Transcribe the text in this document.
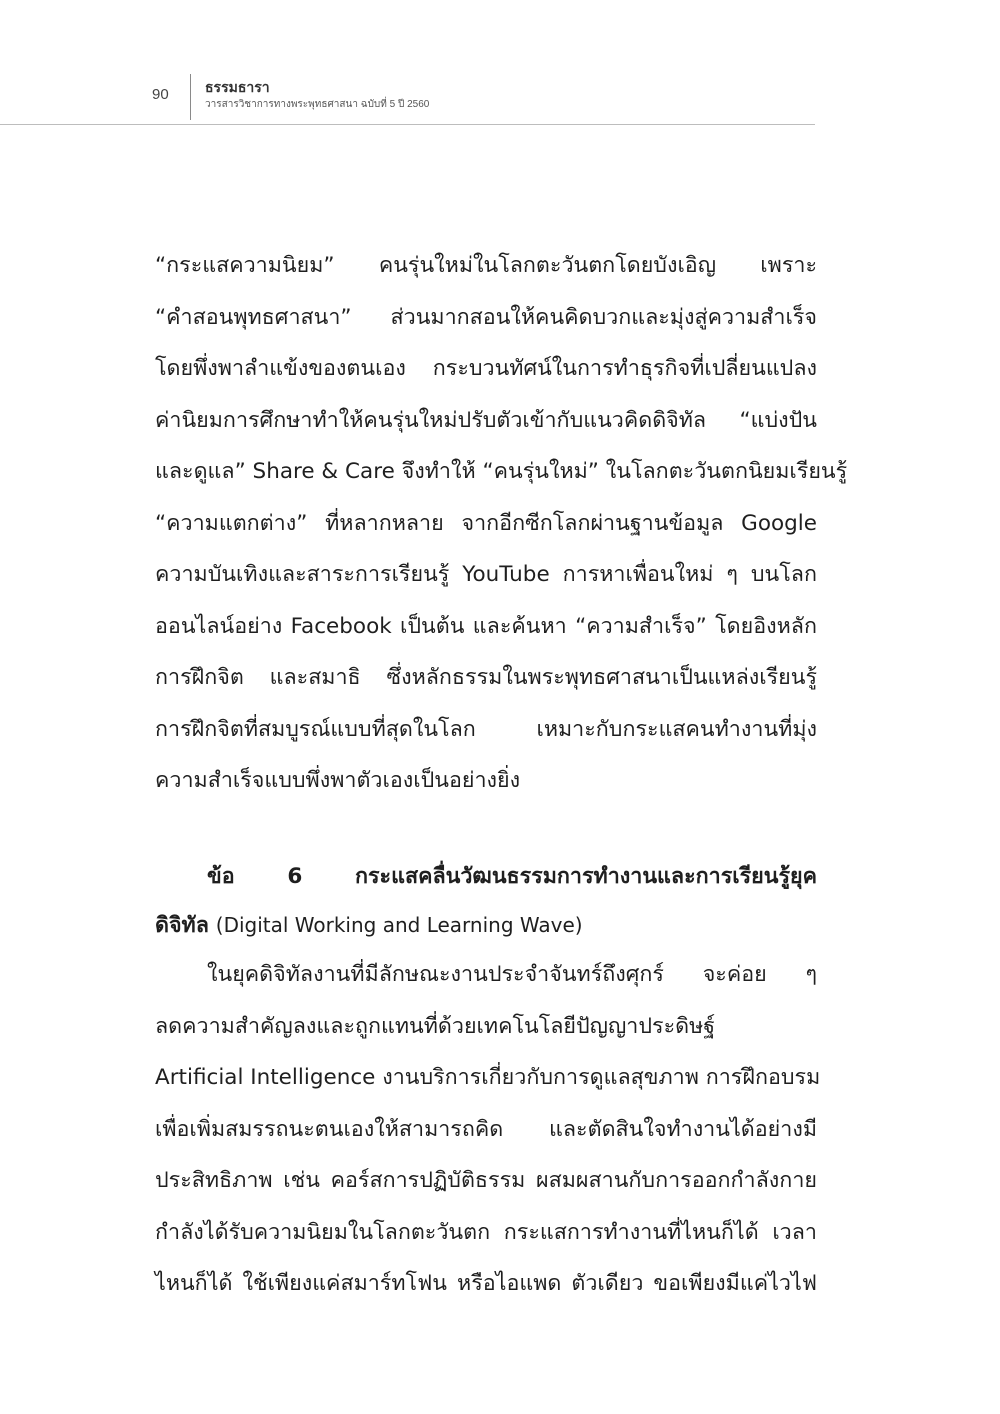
90	ธรรมธารา
วารสารวิชาการทางพระพุทธศาสนา ฉบับที่ 5 ปี 2560
“กระแสความนิยม” คนรุ่นใหม่ในโลกตะวันตกโดยบังเอิญ เพราะ
“คำสอนพุทธศาสนา” ส่วนมากสอนให้คนคิดบวกและมุ่งสู่ความสำเร็จ
โดยพึ่งพาลำแข้งของตนเอง กระบวนทัศน์ในการทำธุรกิจที่เปลี่ยนแปลง
ค่านิยมการศึกษาทำให้คนรุ่นใหม่ปรับตัวเข้ากับแนวคิดดิจิทัล “แบ่งปัน
และดูแล” Share & Care จึงทำให้ “คนรุ่นใหม่” ในโลกตะวันตกนิยมเรียนรู้
“ความแตกต่าง” ที่หลากหลาย จากอีกซีกโลกผ่านฐานข้อมูล Google
ความบันเทิงและสาระการเรียนรู้ YouTube การหาเพื่อนใหม่ ๆ บนโลก
ออนไลน์อย่าง Facebook เป็นต้น และค้นหา “ความสำเร็จ” โดยอิงหลัก
การฝึกจิต และสมาธิ ซึ่งหลักธรรมในพระพุทธศาสนาเป็นแหล่งเรียนรู้
การฝึกจิตที่สมบูรณ์แบบที่สุดในโลก เหมาะกับกระแสคนทำงานที่มุ่ง
ความสำเร็จแบบพึ่งพาตัวเองเป็นอย่างยิ่ง
ข้อ 6 กระแสคลื่นวัฒนธรรมการทำงานและการเรียนรู้ยุค
ดิจิทัล (Digital Working and Learning Wave)
ในยุคดิจิทัลงานที่มีลักษณะงานประจำจันทร์ถึงศุกร์ จะค่อย ๆ
ลดความสำคัญลงและถูกแทนที่ด้วยเทคโนโลยีปัญญาประดิษฐ์
Artificial Intelligence งานบริการเกี่ยวกับการดูแลสุขภาพ การฝึกอบรม
เพื่อเพิ่มสมรรถนะตนเองให้สามารถคิด และตัดสินใจทำงานได้อย่างมี
ประสิทธิภาพ เช่น คอร์สการปฏิบัติธรรม ผสมผสานกับการออกกำลังกาย
กำลังได้รับความนิยมในโลกตะวันตก กระแสการทำงานที่ไหนก็ได้ เวลา
ไหนก็ได้ ใช้เพียงแค่สมาร์ทโฟน หรือไอแพด ตัวเดียว ขอเพียงมีแค่ไวไฟ
